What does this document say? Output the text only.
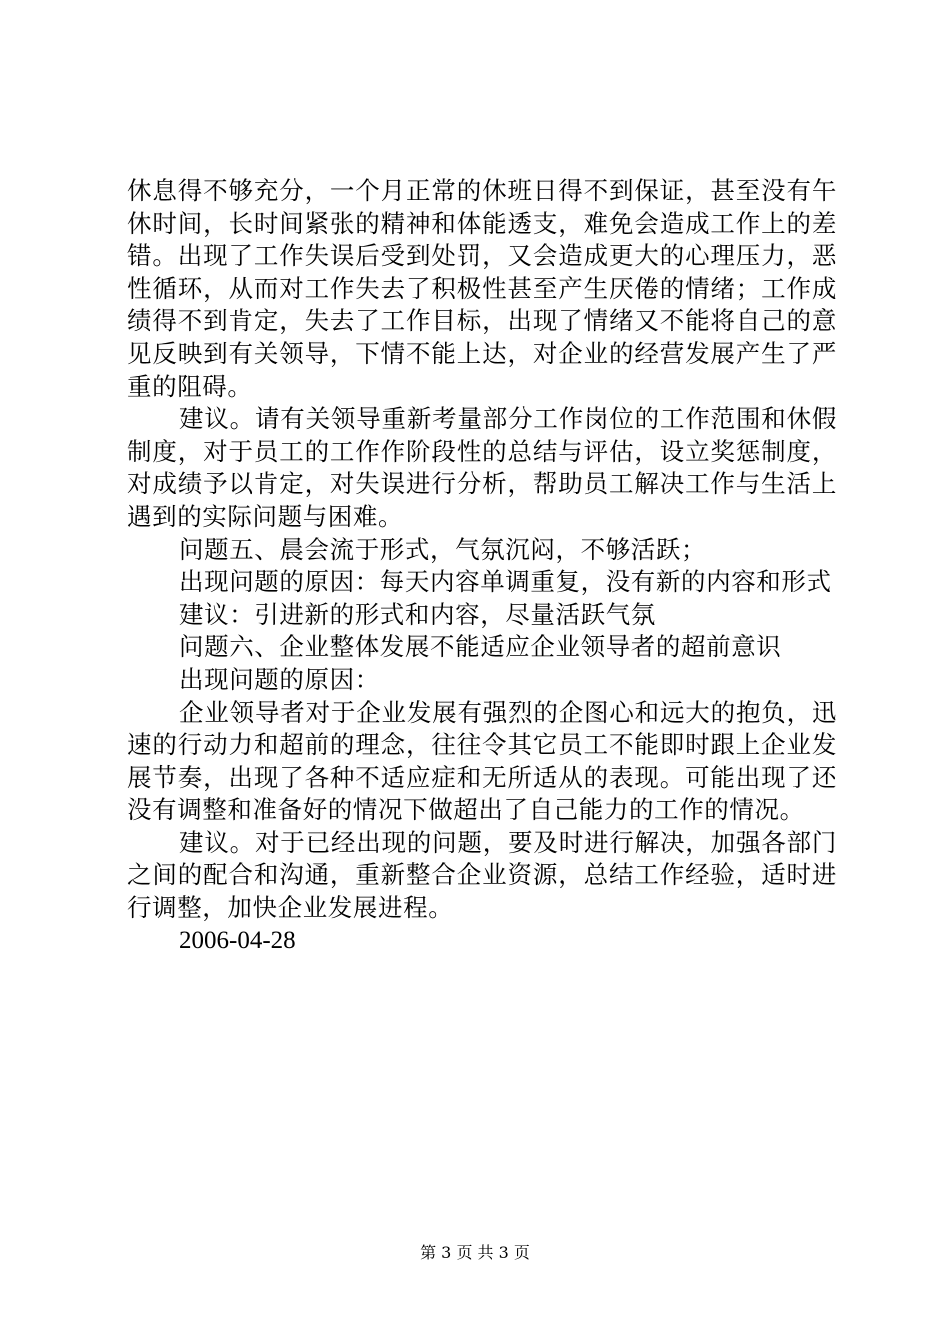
休息得不够充分，一个月正常的休班日得不到保证，甚至没有午休时间，长时间紧张的精神和体能透支，难免会造成工作上的差错。出现了工作失误后受到处罚，又会造成更大的心理压力，恶性循环，从而对工作失去了积极性甚至产生厌倦的情绪；工作成绩得不到肯定，失去了工作目标，出现了情绪又不能将自己的意见反映到有关领导，下情不能上达，对企业的经营发展产生了严重的阻碍。

建议。请有关领导重新考量部分工作岗位的工作范围和休假制度，对于员工的工作作阶段性的总结与评估，设立奖惩制度，对成绩予以肯定，对失误进行分析，帮助员工解决工作与生活上遇到的实际问题与困难。

问题五、晨会流于形式，气氛沉闷，不够活跃；

出现问题的原因：每天内容单调重复，没有新的内容和形式

建议：引进新的形式和内容，尽量活跃气氛

问题六、企业整体发展不能适应企业领导者的超前意识

出现问题的原因：

企业领导者对于企业发展有强烈的企图心和远大的抱负，迅速的行动力和超前的理念，往往令其它员工不能即时跟上企业发展节奏，出现了各种不适应症和无所适从的表现。可能出现了还没有调整和准备好的情况下做超出了自己能力的工作的情况。

建议。对于已经出现的问题，要及时进行解决，加强各部门之间的配合和沟通，重新整合企业资源，总结工作经验，适时进行调整，加快企业发展进程。

2006-04-28

第 3 页 共 3 页
